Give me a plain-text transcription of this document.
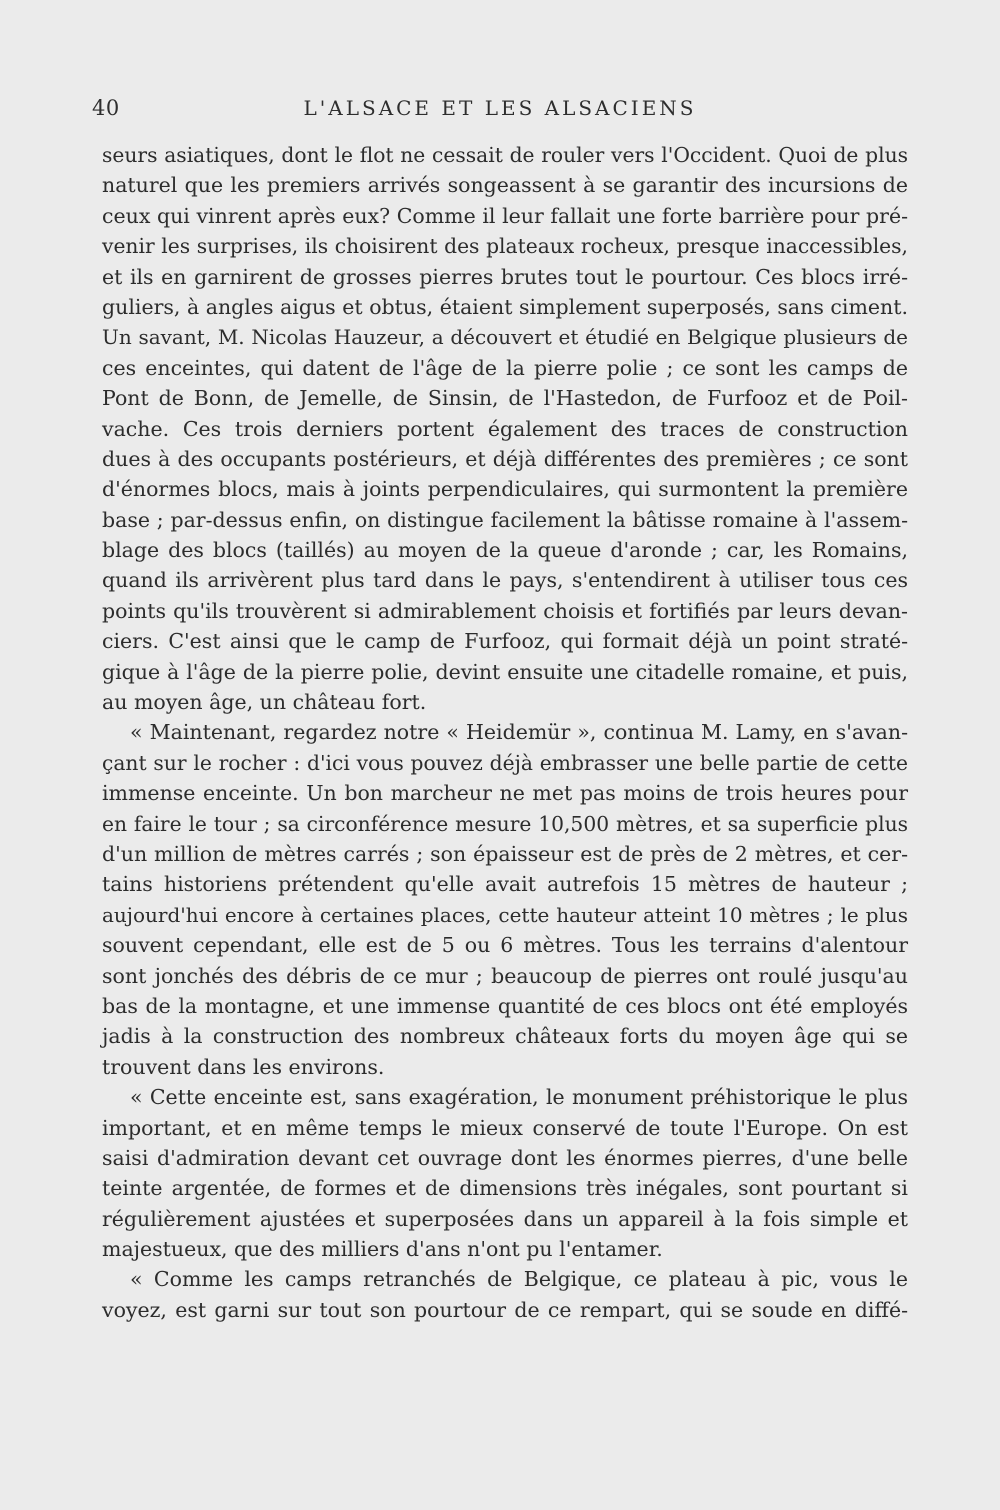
40	L'ALSACE ET LES ALSACIENS
seurs asiatiques, dont le flot ne cessait de rouler vers l'Occident. Quoi de plus
naturel que les premiers arrivés songeassent à se garantir des incursions de
ceux qui vinrent après eux? Comme il leur fallait une forte barrière pour pré-
venir les surprises, ils choisirent des plateaux rocheux, presque inaccessibles,
et ils en garnirent de grosses pierres brutes tout le pourtour. Ces blocs irré-
guliers, à angles aigus et obtus, étaient simplement superposés, sans ciment.
Un savant, M. Nicolas Hauzeur, a découvert et étudié en Belgique plusieurs de
ces enceintes, qui datent de l'âge de la pierre polie ; ce sont les camps de
Pont de Bonn, de Jemelle, de Sinsin, de l'Hastedon, de Furfooz et de Poil-
vache. Ces trois derniers portent également des traces de construction
dues à des occupants postérieurs, et déjà différentes des premières ; ce sont
d'énormes blocs, mais à joints perpendiculaires, qui surmontent la première
base ; par-dessus enfin, on distingue facilement la bâtisse romaine à l'assem-
blage des blocs (taillés) au moyen de la queue d'aronde ; car, les Romains,
quand ils arrivèrent plus tard dans le pays, s'entendirent à utiliser tous ces
points qu'ils trouvèrent si admirablement choisis et fortifiés par leurs devan-
ciers. C'est ainsi que le camp de Furfooz, qui formait déjà un point straté-
gique à l'âge de la pierre polie, devint ensuite une citadelle romaine, et puis,
au moyen âge, un château fort.
« Maintenant, regardez notre « Heidemür », continua M. Lamy, en s'avan-
çant sur le rocher : d'ici vous pouvez déjà embrasser une belle partie de cette
immense enceinte. Un bon marcheur ne met pas moins de trois heures pour
en faire le tour ; sa circonférence mesure 10,500 mètres, et sa superficie plus
d'un million de mètres carrés ; son épaisseur est de près de 2 mètres, et cer-
tains historiens prétendent qu'elle avait autrefois 15 mètres de hauteur ;
aujourd'hui encore à certaines places, cette hauteur atteint 10 mètres ; le plus
souvent cependant, elle est de 5 ou 6 mètres. Tous les terrains d'alentour
sont jonchés des débris de ce mur ; beaucoup de pierres ont roulé jusqu'au
bas de la montagne, et une immense quantité de ces blocs ont été employés
jadis à la construction des nombreux châteaux forts du moyen âge qui se
trouvent dans les environs.
« Cette enceinte est, sans exagération, le monument préhistorique le plus
important, et en même temps le mieux conservé de toute l'Europe. On est
saisi d'admiration devant cet ouvrage dont les énormes pierres, d'une belle
teinte argentée, de formes et de dimensions très inégales, sont pourtant si
régulièrement ajustées et superposées dans un appareil à la fois simple et
majestueux, que des milliers d'ans n'ont pu l'entamer.
« Comme les camps retranchés de Belgique, ce plateau à pic, vous le
voyez, est garni sur tout son pourtour de ce rempart, qui se soude en diffé-
